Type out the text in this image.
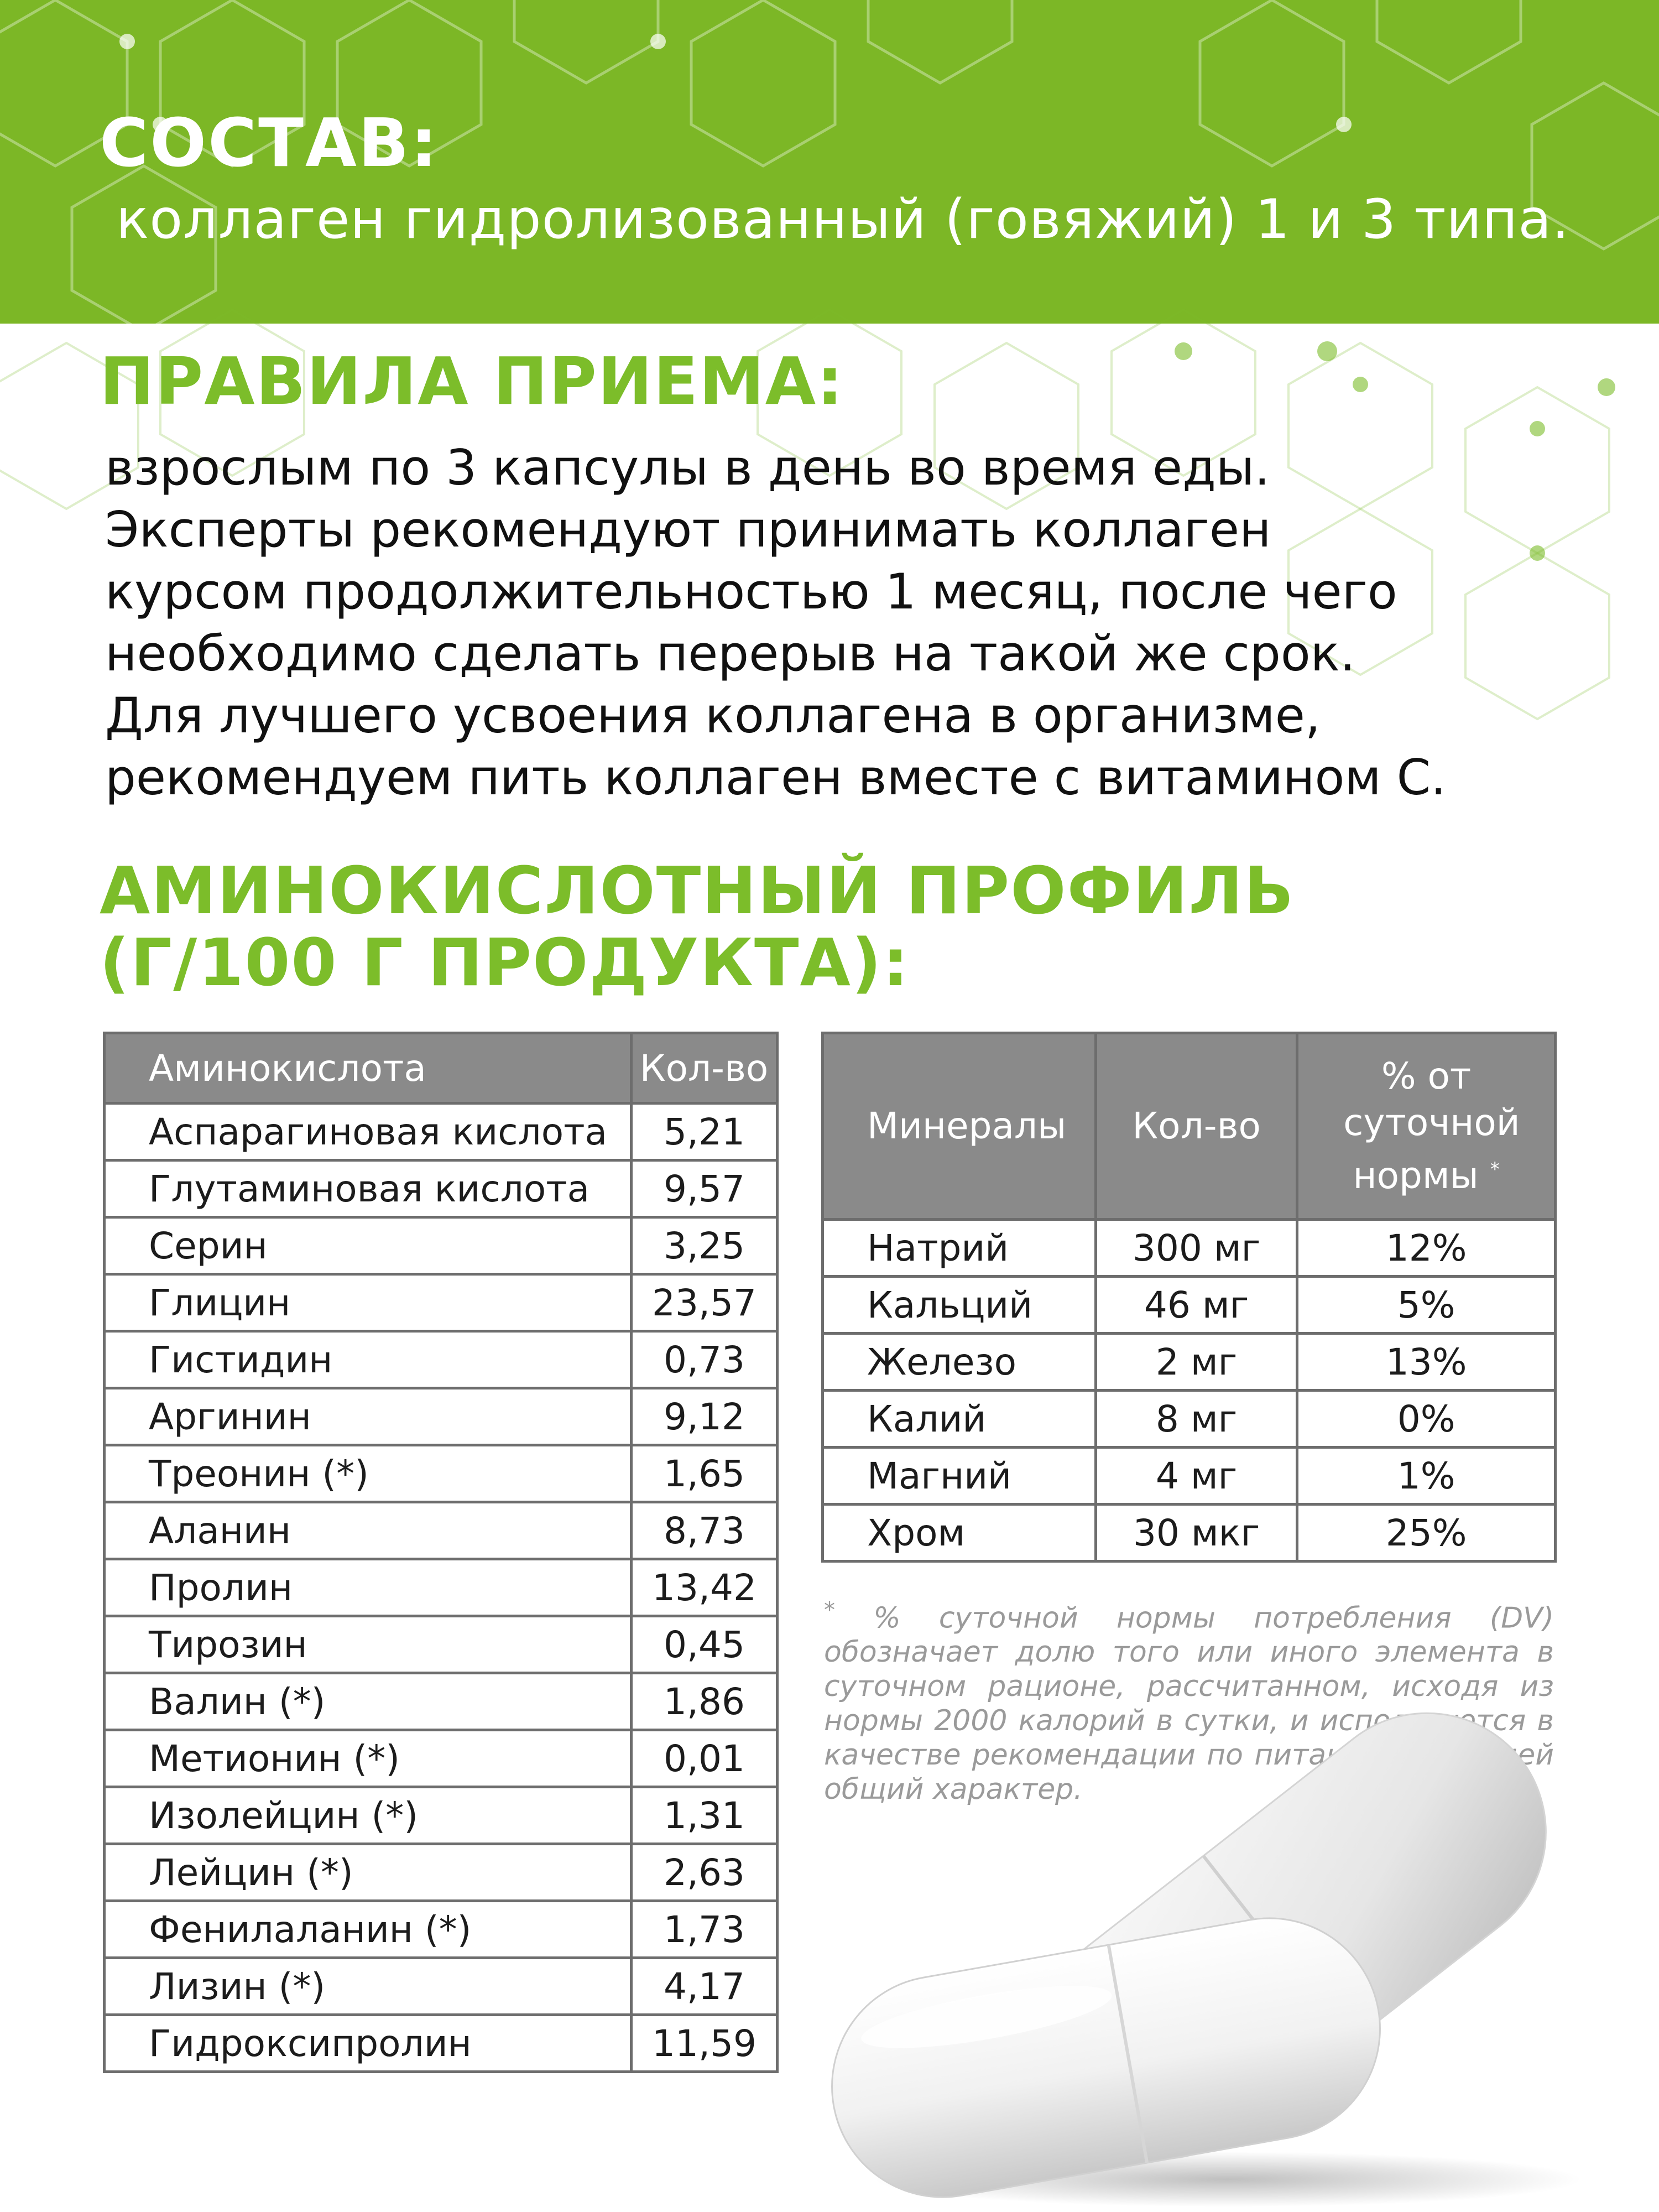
СОСТАВ:
коллаген гидролизованный (говяжий) 1 и 3 типа.
ПРАВИЛА ПРИЕМА:
взрослым по 3 капсулы в день во время еды.
Эксперты рекомендуют принимать коллаген
курсом продолжительностью 1 месяц, после чего
необходимо сделать перерыв на такой же срок.
Для лучшего усвоения коллагена в организме,
рекомендуем пить коллаген вместе с витамином С.
АМИНОКИСЛОТНЫЙ ПРОФИЛЬ
(Г/100 Г ПРОДУКТА):
Аминокислота	Кол-во
Аспарагиновая кислота	5,21
Глутаминовая кислота	9,57
Серин	3,25
Глицин	23,57
Гистидин	0,73
Аргинин	9,12
Треонин (*)	1,65
Аланин	8,73
Пролин	13,42
Тирозин	0,45
Валин (*)	1,86
Метионин (*)	0,01
Изолейцин (*)	1,31
Лейцин (*)	2,63
Фенилаланин (*)	1,73
Лизин (*)	4,17
Гидроксипролин	11,59
Минералы	Кол-во	% от суточной нормы *

Натрий	300 мг	12%
Кальций	46 мг	5%
Железо	2 мг	13%
Калий	8 мг	0%
Магний	4 мг	1%
Хром	30 мкг	25%
* % суточной нормы потребления (DV) обозначает долю того или иного элемента в суточном рационе, рассчитанном, исходя из нормы 2000 калорий в сутки, и используется в качестве рекомендации по питанию, имеющей общий характер.
